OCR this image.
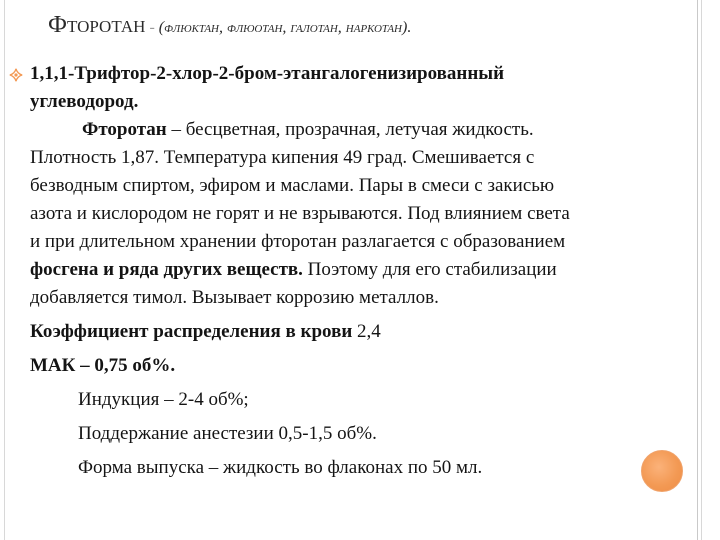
Фторотан - (флюктан, флюотан, галотан, наркотан).
1,1,1-Трифтор-2-хлор-2-бром-этангалогенизированный
углеводород.
Фторотан – бесцветная, прозрачная, летучая жидкость.
Плотность 1,87. Температура кипения 49 град. Смешивается с
безводным спиртом, эфиром и маслами. Пары в смеси с закисью
азота и кислородом не горят и не взрываются. Под влиянием света
и при длительном хранении фторотан разлагается с образованием
фосгена и ряда других веществ. Поэтому для его стабилизации
добавляется тимол. Вызывает коррозию металлов.
Коэффициент распределения в крови 2,4
МАК – 0,75 об%.
Индукция – 2-4 об%;
Поддержание анестезии 0,5-1,5 об%.
Форма выпуска – жидкость во флаконах по 50 мл.
